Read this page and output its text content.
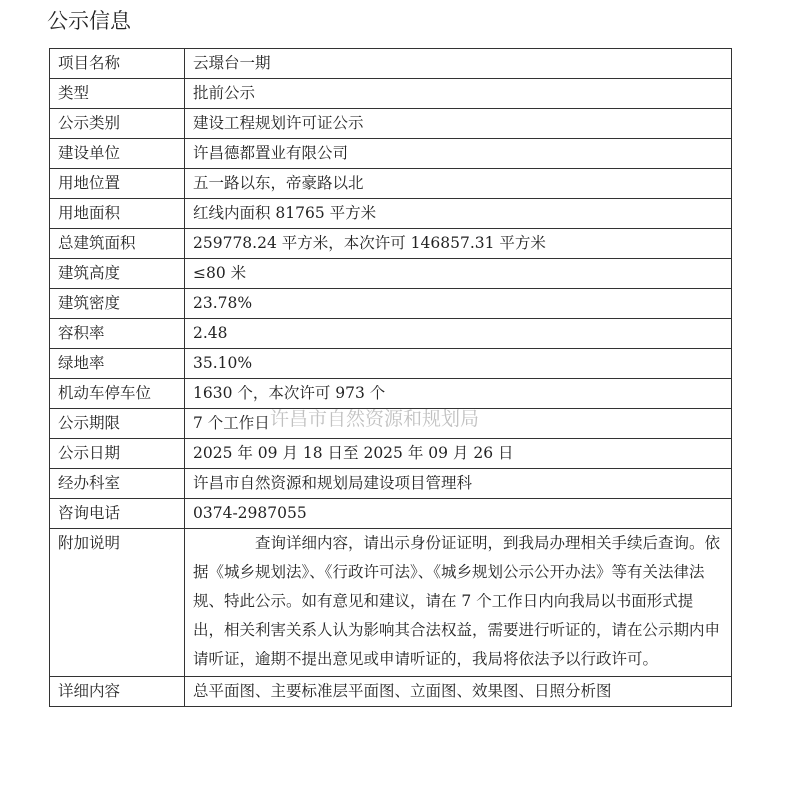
公示信息
项目名称	云璟台一期
类型	批前公示
公示类别	建设工程规划许可证公示
建设单位	许昌德都置业有限公司
用地位置	五一路以东，帝豪路以北
用地面积	红线内面积 81765 平方米
总建筑面积	259778.24 平方米，本次许可 146857.31 平方米
建筑高度	≤80 米
建筑密度	23.78%
容积率	2.48
绿地率	35.10%
机动车停车位	1630 个，本次许可 973 个
公示期限	7 个工作日
公示日期	2025 年 09 月 18 日至 2025 年 09 月 26 日
经办科室	许昌市自然资源和规划局建设项目管理科
咨询电话	0374-2987055
附加说明	查询详细内容，请出示身份证证明，到我局办理相关手续后查询。依据《城乡规划法》、《行政许可法》、《城乡规划公示公开办法》等有关法律法规、特此公示。如有意见和建议，请在 7 个工作日内向我局以书面形式提出，相关利害关系人认为影响其合法权益，需要进行听证的，请在公示期内申请听证，逾期不提出意见或申请听证的，我局将依法予以行政许可。

详细内容	总平面图、主要标准层平面图、立面图、效果图、日照分析图
许昌市自然资源和规划局
